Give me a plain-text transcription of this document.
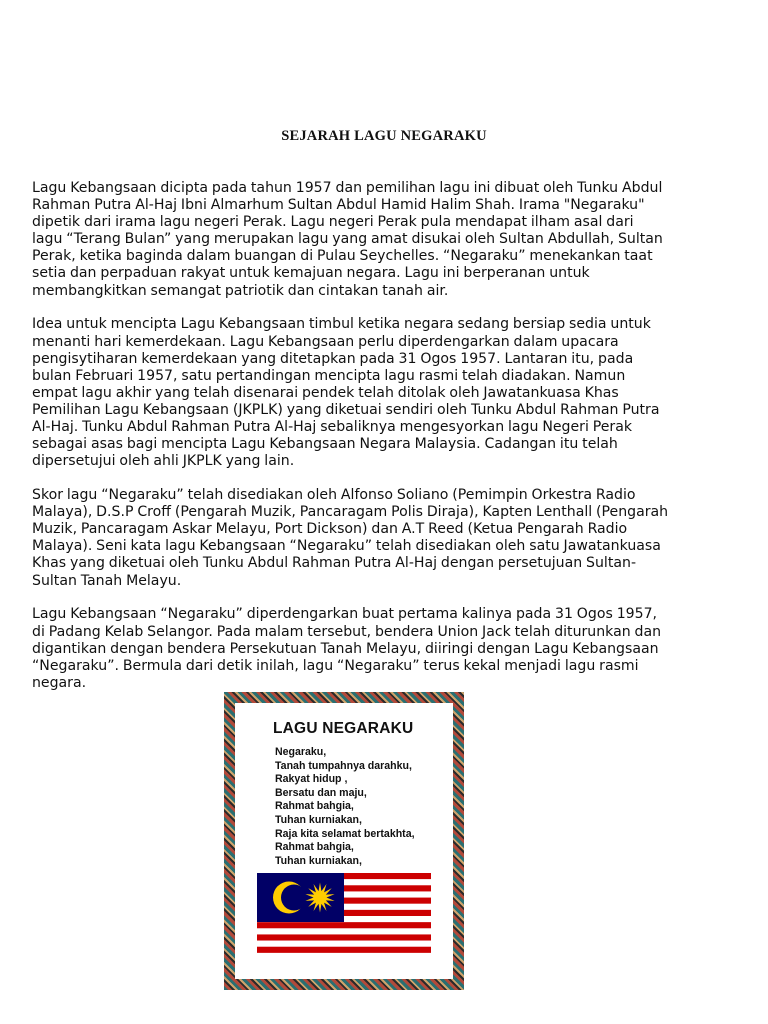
SEJARAH LAGU NEGARAKU

Lagu Kebangsaan dicipta pada tahun 1957 dan pemilihan lagu ini dibuat oleh Tunku Abdul
Rahman Putra Al-Haj Ibni Almarhum Sultan Abdul Hamid Halim Shah. Irama "Negaraku"
dipetik dari irama lagu negeri Perak. Lagu negeri Perak pula mendapat ilham asal dari
lagu “Terang Bulan” yang merupakan lagu yang amat disukai oleh Sultan Abdullah, Sultan
Perak, ketika baginda dalam buangan di Pulau Seychelles. “Negaraku” menekankan taat
setia dan perpaduan rakyat untuk kemajuan negara. Lagu ini berperanan untuk
membangkitkan semangat patriotik dan cintakan tanah air.

Idea untuk mencipta Lagu Kebangsaan timbul ketika negara sedang bersiap sedia untuk
menanti hari kemerdekaan. Lagu Kebangsaan perlu diperdengarkan dalam upacara
pengisytiharan kemerdekaan yang ditetapkan pada 31 Ogos 1957. Lantaran itu, pada
bulan Februari 1957, satu pertandingan mencipta lagu rasmi telah diadakan. Namun
empat lagu akhir yang telah disenarai pendek telah ditolak oleh Jawatankuasa Khas
Pemilihan Lagu Kebangsaan (JKPLK) yang diketuai sendiri oleh Tunku Abdul Rahman Putra
Al-Haj. Tunku Abdul Rahman Putra Al-Haj sebaliknya mengesyorkan lagu Negeri Perak
sebagai asas bagi mencipta Lagu Kebangsaan Negara Malaysia. Cadangan itu telah
dipersetujui oleh ahli JKPLK yang lain.

Skor lagu “Negaraku” telah disediakan oleh Alfonso Soliano (Pemimpin Orkestra Radio
Malaya), D.S.P Croff (Pengarah Muzik, Pancaragam Polis Diraja), Kapten Lenthall (Pengarah
Muzik, Pancaragam Askar Melayu, Port Dickson) dan A.T Reed (Ketua Pengarah Radio
Malaya). Seni kata lagu Kebangsaan “Negaraku” telah disediakan oleh satu Jawatankuasa
Khas yang diketuai oleh Tunku Abdul Rahman Putra Al-Haj dengan persetujuan Sultan-
Sultan Tanah Melayu.

Lagu Kebangsaan “Negaraku” diperdengarkan buat pertama kalinya pada 31 Ogos 1957,
di Padang Kelab Selangor. Pada malam tersebut, bendera Union Jack telah diturunkan dan
digantikan dengan bendera Persekutuan Tanah Melayu, diiringi dengan Lagu Kebangsaan
“Negaraku”. Bermula dari detik inilah, lagu “Negaraku” terus kekal menjadi lagu rasmi
negara.

LAGU NEGARAKU
Negaraku,
Tanah tumpahnya darahku,
Rakyat hidup ,
Bersatu dan maju,
Rahmat bahgia,
Tuhan kurniakan,
Raja kita selamat bertakhta,
Rahmat bahgia,
Tuhan kurniakan,
